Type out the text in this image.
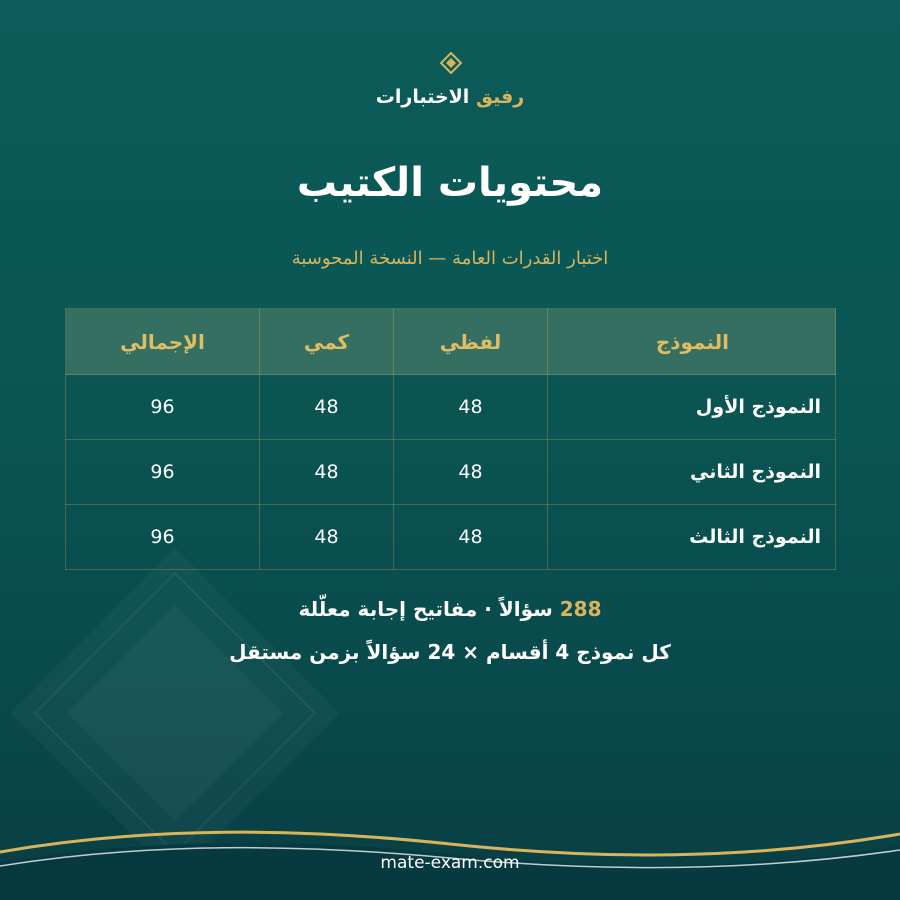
رفيق الاختبارات
محتويات الكتيب
اختبار القدرات العامة — النسخة المحوسبة
النموذج	لفظي	كمي	الإجمالي
النموذج الأول	48	48	96
النموذج الثاني	48	48	96
النموذج الثالث	48	48	96
288 سؤالاً · مفاتيح إجابة معلّلة
كل نموذج 4 أقسام × 24 سؤالاً بزمن مستقل
mate-exam.com
